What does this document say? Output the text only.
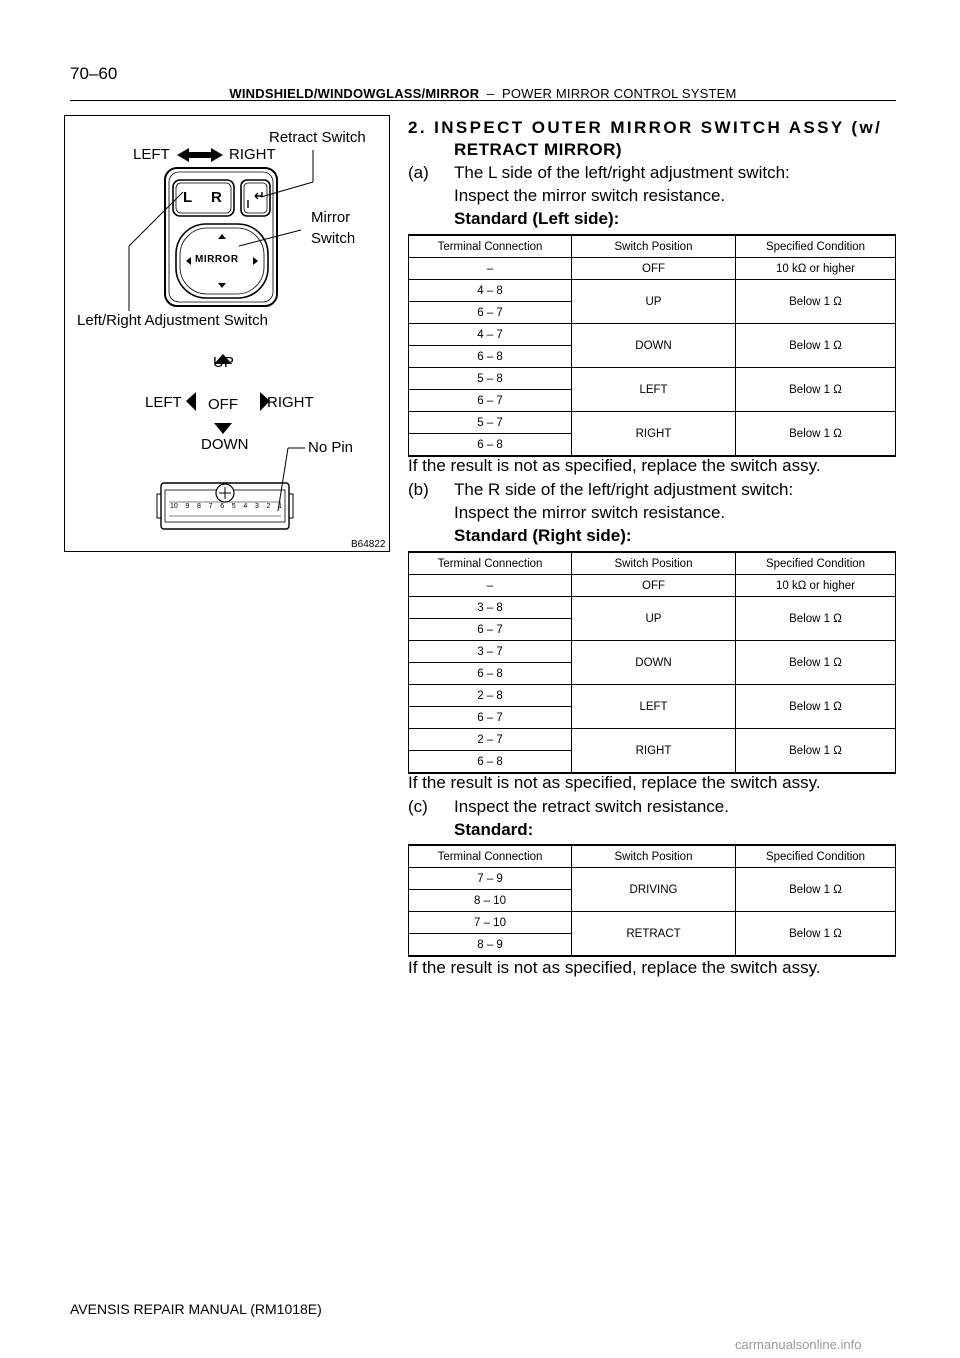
70–60
WINDSHIELD/WINDOWGLASS/MIRROR – POWER MIRROR CONTROL SYSTEM
LEFT	RIGHT
Retract Switch
Mirror
Switch
Left/Right Adjustment Switch
UP
LEFT OFF RIGHT
DOWN	No Pin
B64822
L R
MIRROR
10 9 8 7 6 5 4 3 2 1
2. INSPECT OUTER MIRROR SWITCH ASSY (w/
RETRACT MIRROR)
(a) The L side of the left/right adjustment switch:
Inspect the mirror switch resistance.
Standard (Left side):
Terminal Connection	Switch Position	Specified Condition
–	OFF	10 kΩ or higher
4 – 8	UP	Below 1 Ω
6 – 7		
4 – 7	DOWN	Below 1 Ω
6 – 8		
5 – 8	LEFT	Below 1 Ω
6 – 7		
5 – 7	RIGHT	Below 1 Ω
6 – 8		
If the result is not as specified, replace the switch assy.
(b) The R side of the left/right adjustment switch:
Inspect the mirror switch resistance.
Standard (Right side):
Terminal Connection	Switch Position	Specified Condition
–	OFF	10 kΩ or higher
3 – 8	UP	Below 1 Ω
6 – 7		
3 – 7	DOWN	Below 1 Ω
6 – 8		
2 – 8	LEFT	Below 1 Ω
6 – 7		
2 – 7	RIGHT	Below 1 Ω
6 – 8		
If the result is not as specified, replace the switch assy.
(c) Inspect the retract switch resistance.
Standard:
Terminal Connection	Switch Position	Specified Condition
7 – 9	DRIVING	Below 1 Ω
8 – 10		
7 – 10	RETRACT	Below 1 Ω
8 – 9		
If the result is not as specified, replace the switch assy.
AVENSIS REPAIR MANUAL (RM1018E)
carmanualsonline.info
